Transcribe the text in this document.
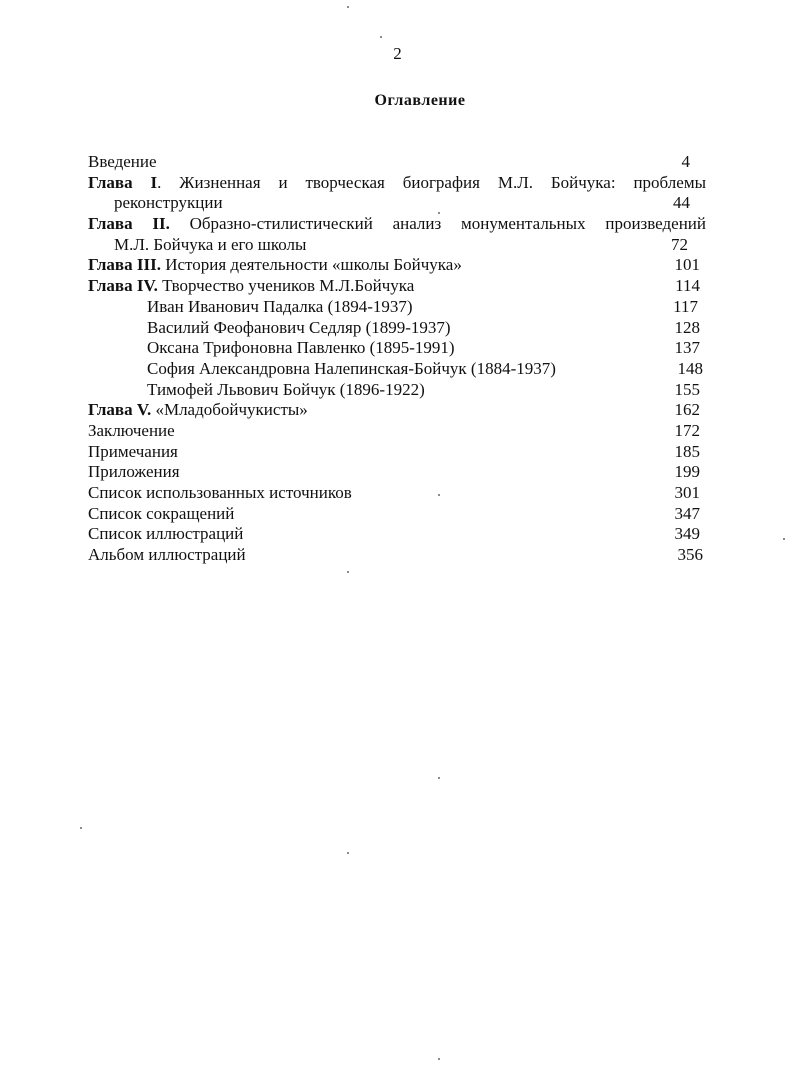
2
Оглавление
Введение	4
Глава I. Жизненная и творческая биография М.Л. Бойчука: проблемы
реконструкции	44
Глава II. Образно-стилистический анализ монументальных произведений
М.Л. Бойчука и его школы	72
Глава III. История деятельности «школы Бойчука»	101
Глава IV. Творчество учеников М.Л.Бойчука	114
Иван Иванович Падалка (1894-1937)	117
Василий Феофанович Седляр (1899-1937)	128
Оксана Трифоновна Павленко (1895-1991)	137
София Александровна Налепинская-Бойчук (1884-1937)	148
Тимофей Львович Бойчук (1896-1922)	155
Глава V. «Младобойчукисты»	162
Заключение	172
Примечания	185
Приложения	199
Список использованных источников	301
Список сокращений	347
Список иллюстраций	349
Альбом иллюстраций	356
